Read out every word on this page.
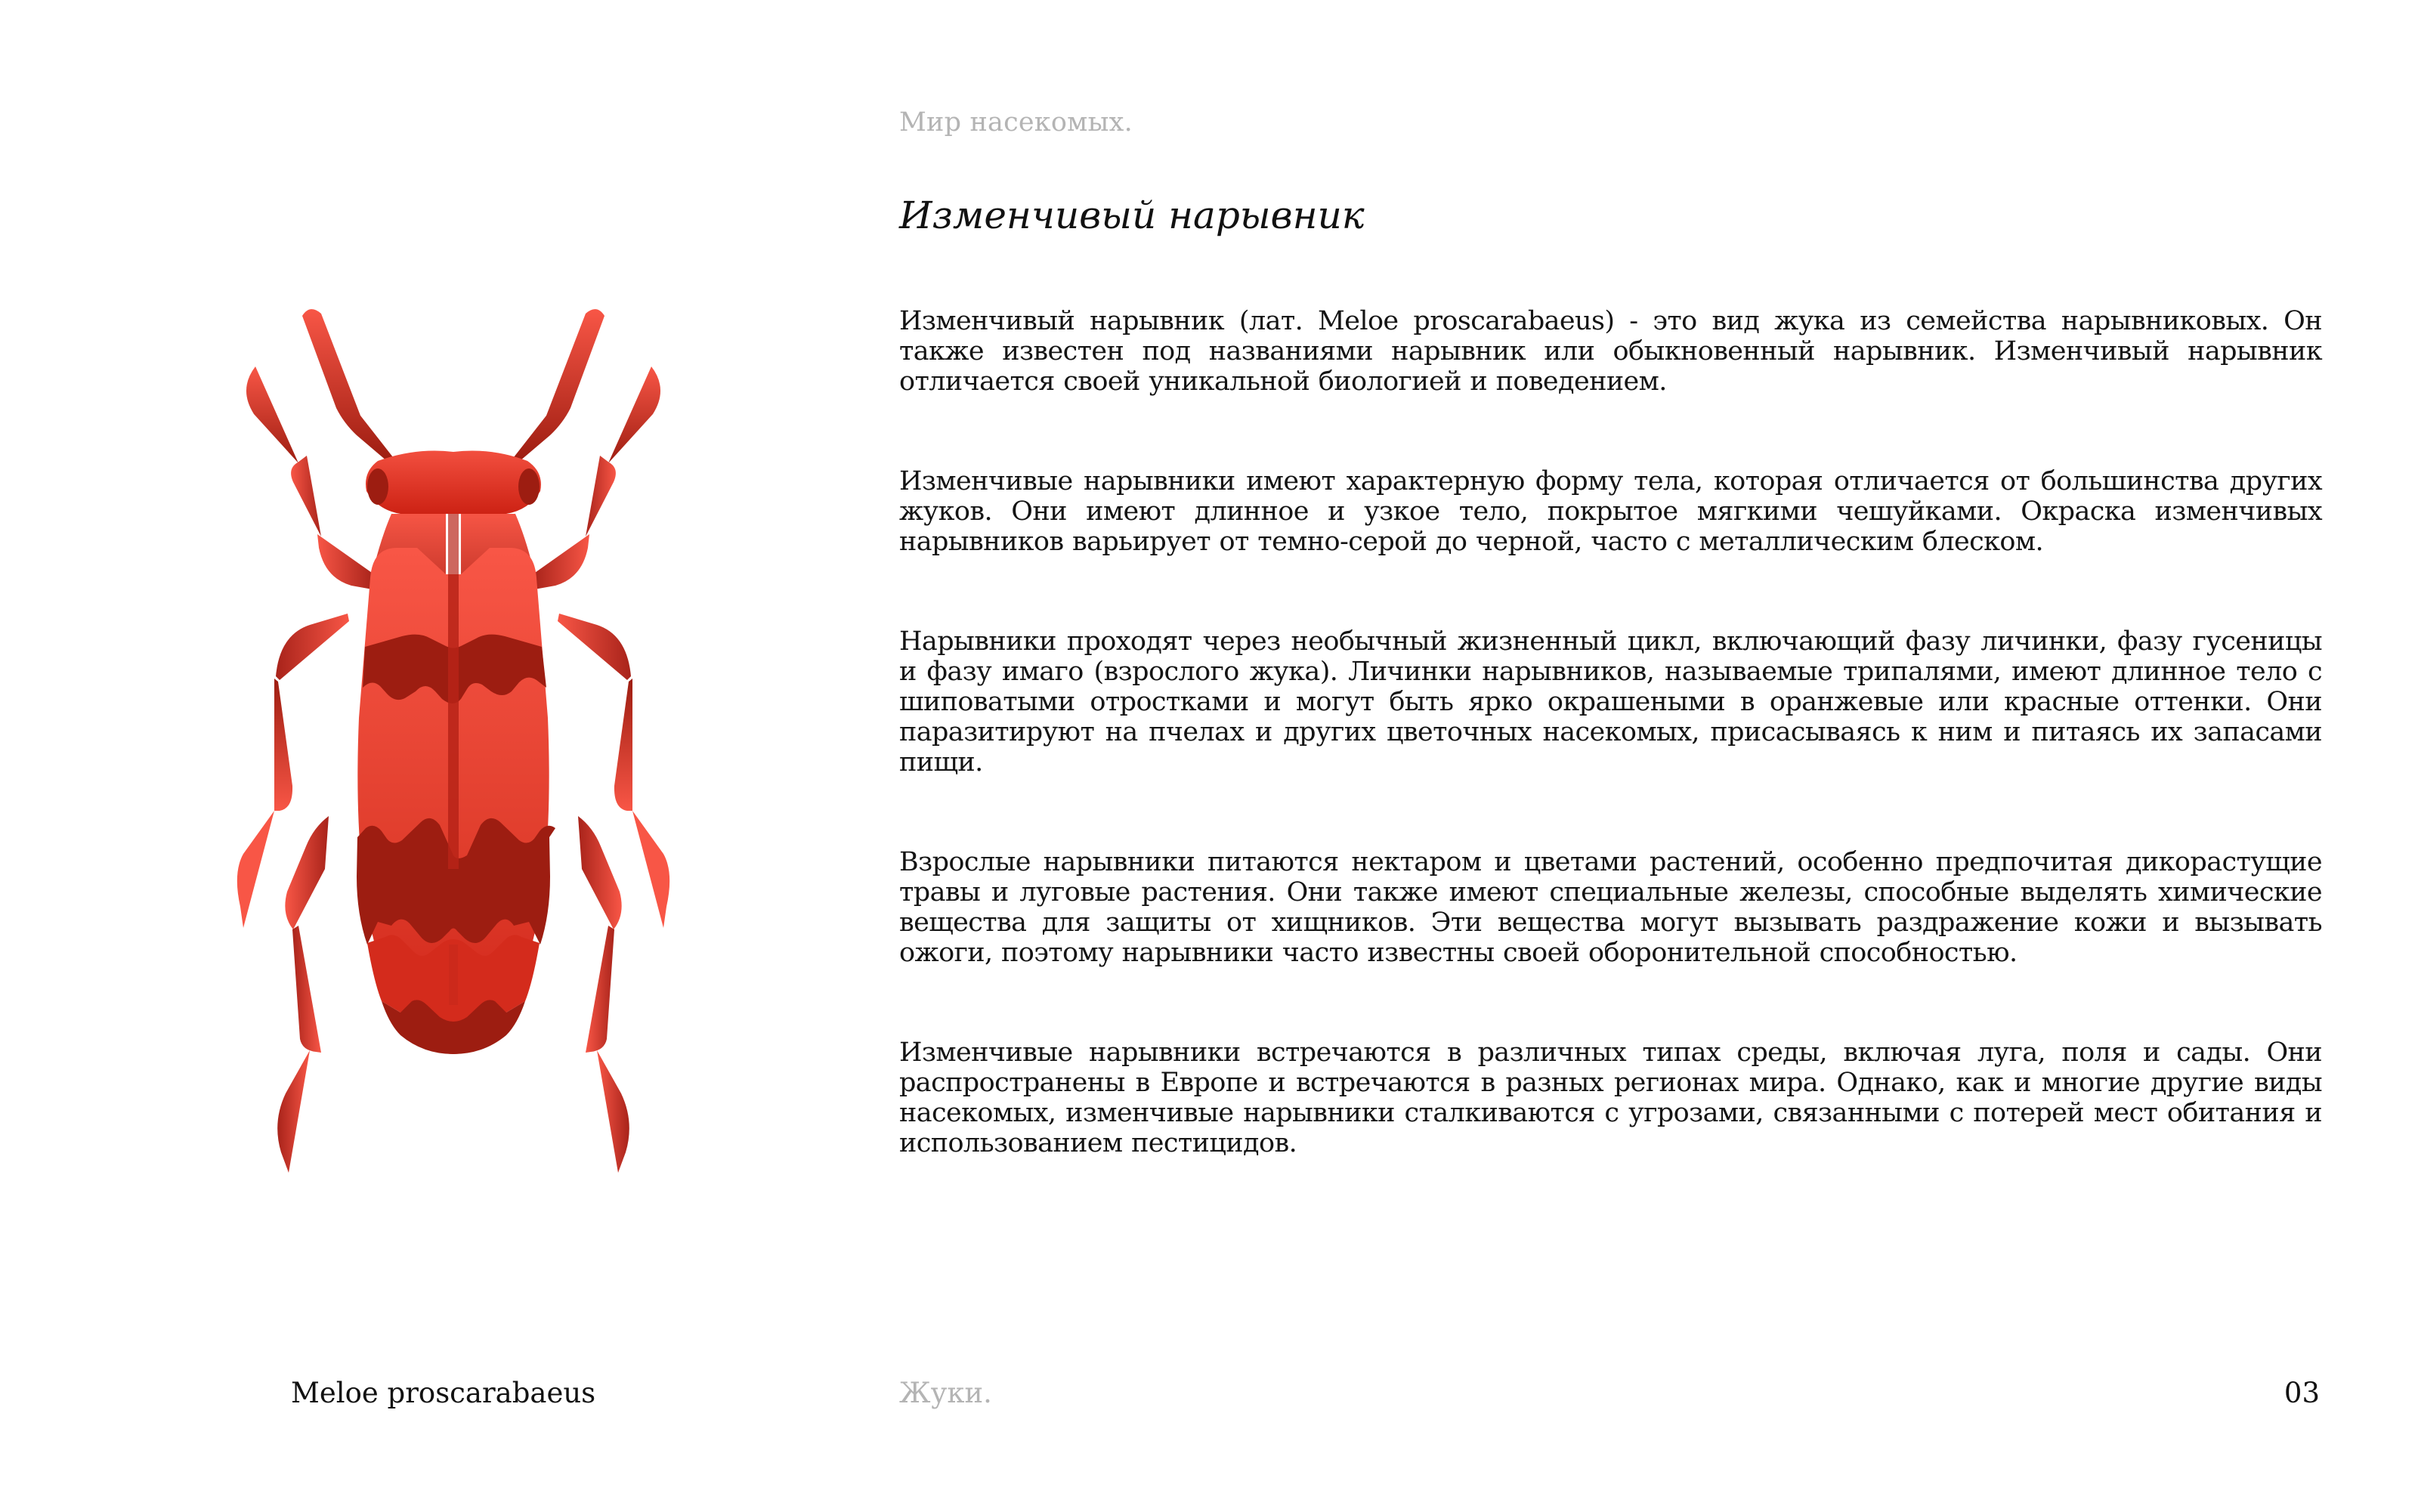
Мир насекомых.
Изменчивый нарывник

Изменчивый нарывник (лат. Meloe proscarabaeus) - это вид жука из семейства нарывниковых. Он также известен под названиями нарывник или обыкновенный нарывник. Изменчивый нарывник отличается своей уникальной биологией и поведением.

Изменчивые нарывники имеют характерную форму тела, которая отличается от большинства других жуков. Они имеют длинное и узкое тело, покрытое мягкими чешуйками. Окраска изменчивых нарывников варьирует от темно-серой до черной, часто с металлическим блеском.

Нарывники проходят через необычный жизненный цикл, включающий фазу личинки, фазу гусеницы и фазу имаго (взрослого жука). Личинки нарывников, называемые трипалями, имеют длинное тело с шиповатыми отростками и могут быть ярко окрашеными в оранжевые или красные оттенки. Они паразитируют на пчелах и других цветочных насекомых, присасываясь к ним и питаясь их запасами пищи.

Взрослые нарывники питаются нектаром и цветами растений, особенно предпочитая дикорастущие травы и луговые растения. Они также имеют специальные железы, способные выделять химические вещества для защиты от хищников. Эти вещества могут вызывать раздражение кожи и вызывать ожоги, поэтому нарывники часто известны своей оборонительной способностью.

Изменчивые нарывники встречаются в различных типах среды, включая луга, поля и сады. Они распространены в Европе и встречаются в разных регионах мира. Однако, как и многие другие виды насекомых, изменчивые нарывники сталкиваются с угрозами, связанными с потерей мест обитания и использованием пестицидов.

Meloe proscarabaeus	Жуки.	03
